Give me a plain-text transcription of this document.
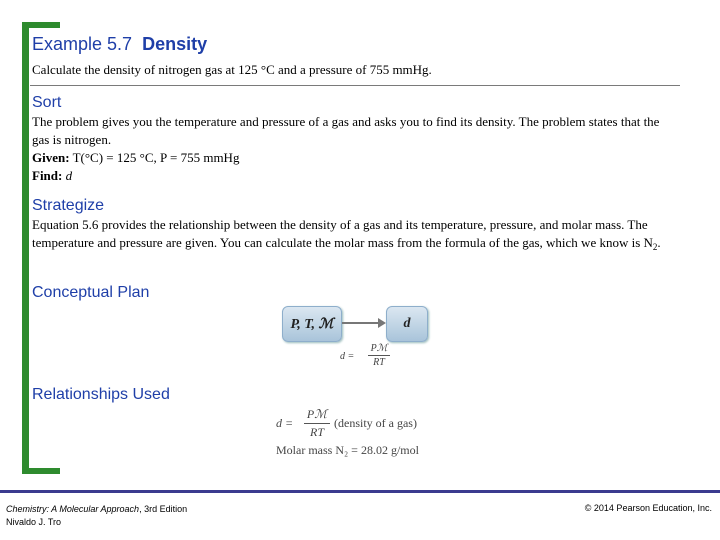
Example 5.7 Density
Calculate the density of nitrogen gas at 125 °C and a pressure of 755 mmHg.
Sort
The problem gives you the temperature and pressure of a gas and asks you to find its density. The problem states that the gas is nitrogen.
Given: T(°C) = 125 °C, P = 755 mmHg
Find: d
Strategize
Equation 5.6 provides the relationship between the density of a gas and its temperature, pressure, and molar mass. The temperature and pressure are given. You can calculate the molar mass from the formula of the gas, which we know is $N_2$.
Conceptual Plan
P, T, ℳ	d
d =
Pℳ
RT
Relationships Used
d =
Pℳ
RT
(density of a gas)
Molar mass N₂ = 28.02 g/mol
Chemistry: A Molecular Approach, 3rd Edition
Nivaldo J. Tro
© 2014 Pearson Education, Inc.
